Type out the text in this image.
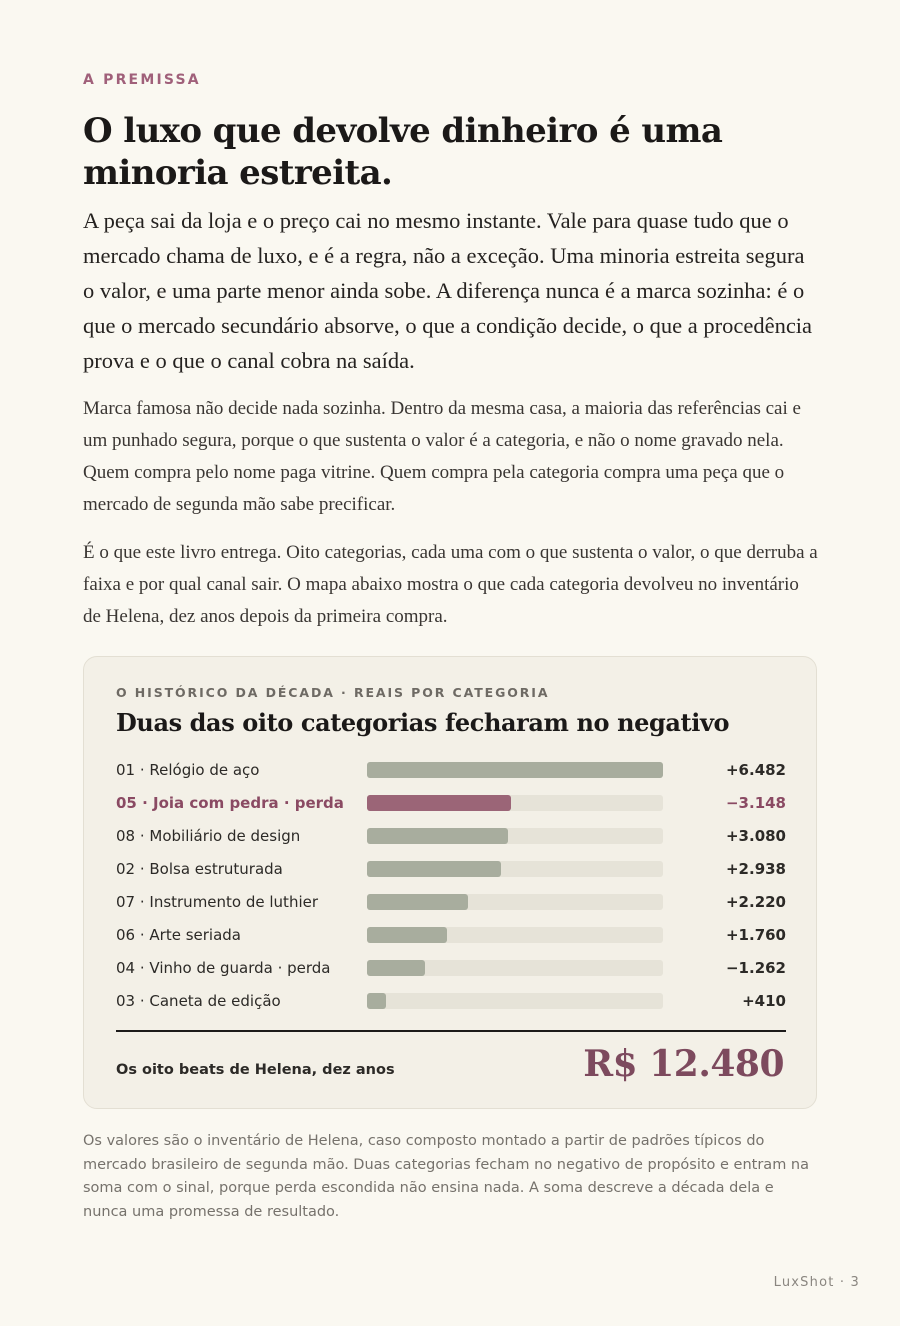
A PREMISSA
O luxo que devolve dinheiro é uma minoria estreita.

A peça sai da loja e o preço cai no mesmo instante. Vale para quase tudo que o mercado chama de luxo, e é a regra, não a exceção. Uma minoria estreita segura o valor, e uma parte menor ainda sobe. A diferença nunca é a marca sozinha: é o que o mercado secundário absorve, o que a condição decide, o que a procedência prova e o que o canal cobra na saída.

Marca famosa não decide nada sozinha. Dentro da mesma casa, a maioria das referências cai e um punhado segura, porque o que sustenta o valor é a categoria, e não o nome gravado nela. Quem compra pelo nome paga vitrine. Quem compra pela categoria compra uma peça que o mercado de segunda mão sabe precificar.

É o que este livro entrega. Oito categorias, cada uma com o que sustenta o valor, o que derruba a faixa e por qual canal sair. O mapa abaixo mostra o que cada categoria devolveu no inventário de Helena, dez anos depois da primeira compra.

O HISTÓRICO DA DÉCADA · REAIS POR CATEGORIA
Duas das oito categorias fecharam no negativo
01 · Relógio de aço	+6.482
05 · Joia com pedra · perda	−3.148
08 · Mobiliário de design	+3.080
02 · Bolsa estruturada	+2.938
07 · Instrumento de luthier	+2.220
06 · Arte seriada	+1.760
04 · Vinho de guarda · perda	−1.262
03 · Caneta de edição	+410
Os oito beats de Helena, dez anos	R$ 12.480

Os valores são o inventário de Helena, caso composto montado a partir de padrões típicos do mercado brasileiro de segunda mão. Duas categorias fecham no negativo de propósito e entram na soma com o sinal, porque perda escondida não ensina nada. A soma descreve a década dela e nunca uma promessa de resultado.

LuxShot · 3
